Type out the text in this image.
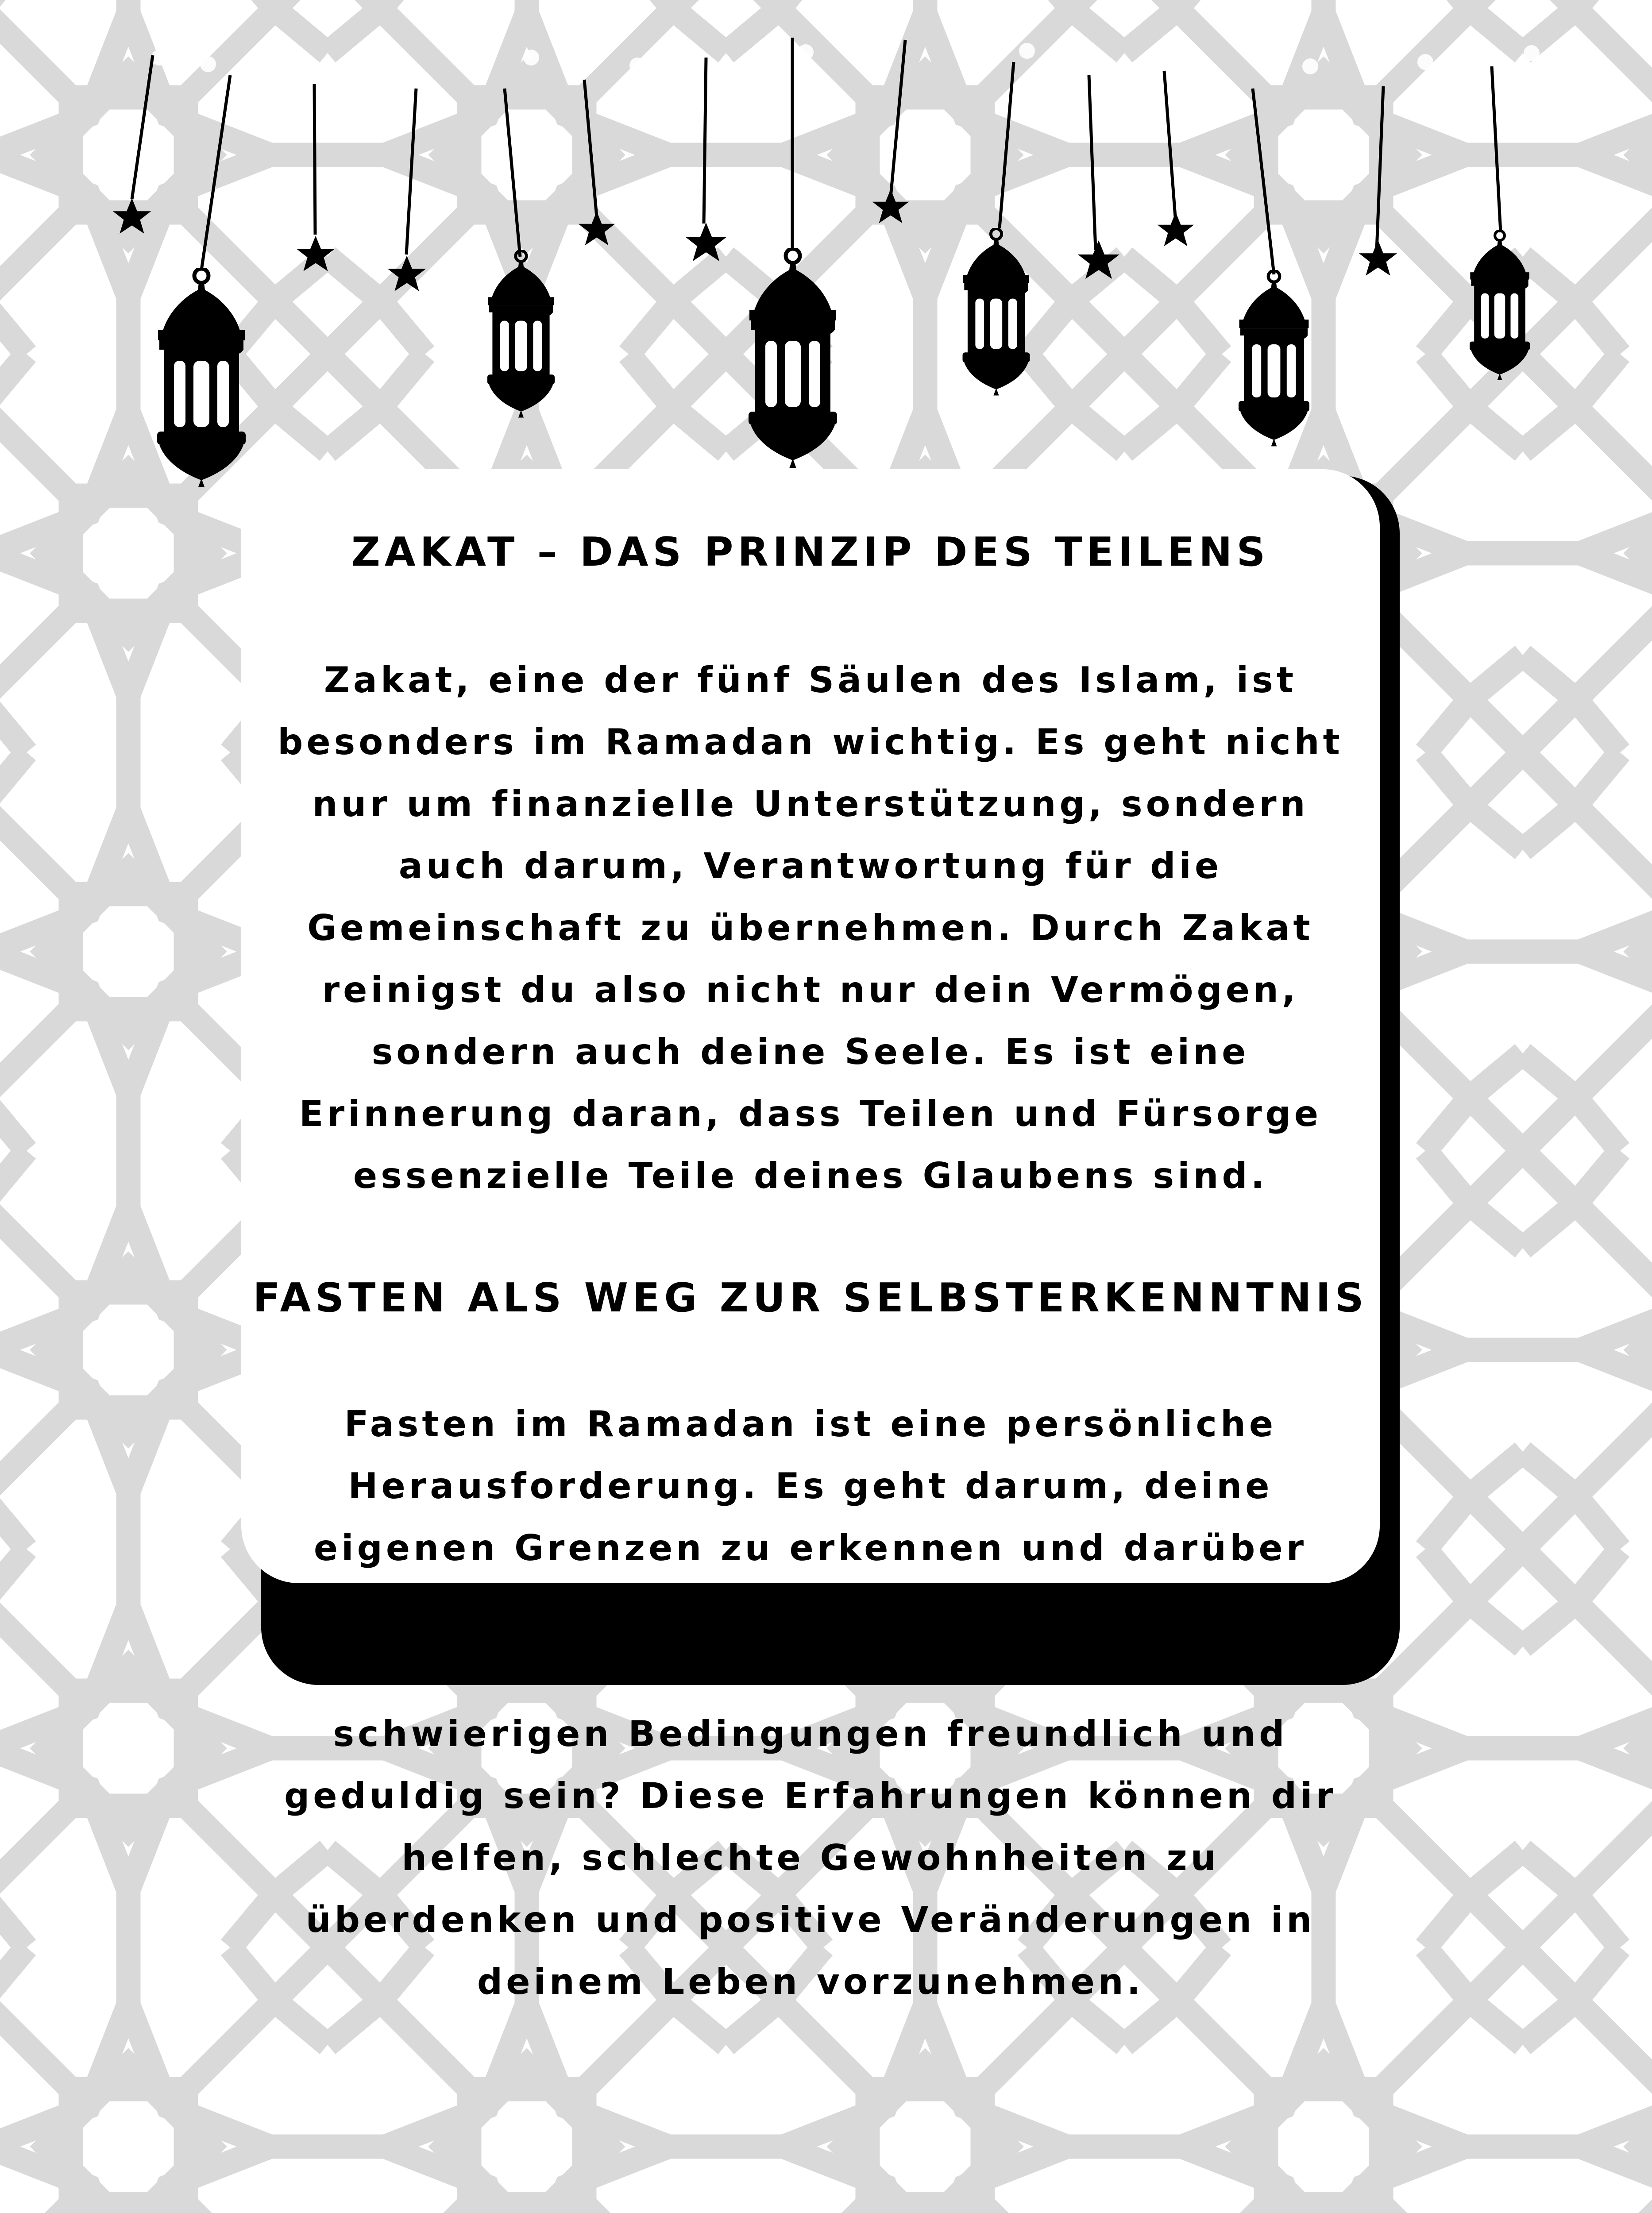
ZAKAT – DAS PRINZIP DES TEILENS

Zakat, eine der fünf Säulen des Islam, ist
besonders im Ramadan wichtig. Es geht nicht
nur um finanzielle Unterstützung, sondern
auch darum, Verantwortung für die
Gemeinschaft zu übernehmen. Durch Zakat
reinigst du also nicht nur dein Vermögen,
sondern auch deine Seele. Es ist eine
Erinnerung daran, dass Teilen und Fürsorge
essenzielle Teile deines Glaubens sind.

FASTEN ALS WEG ZUR SELBSTERKENNTNIS

Fasten im Ramadan ist eine persönliche
Herausforderung. Es geht darum, deine
eigenen Grenzen zu erkennen und darüber
hinauszugehen. Wie reagierst du auf Hunger
oder Durst? Kannst du auch unter
schwierigen Bedingungen freundlich und
geduldig sein? Diese Erfahrungen können dir
helfen, schlechte Gewohnheiten zu
überdenken und positive Veränderungen in
deinem Leben vorzunehmen.
